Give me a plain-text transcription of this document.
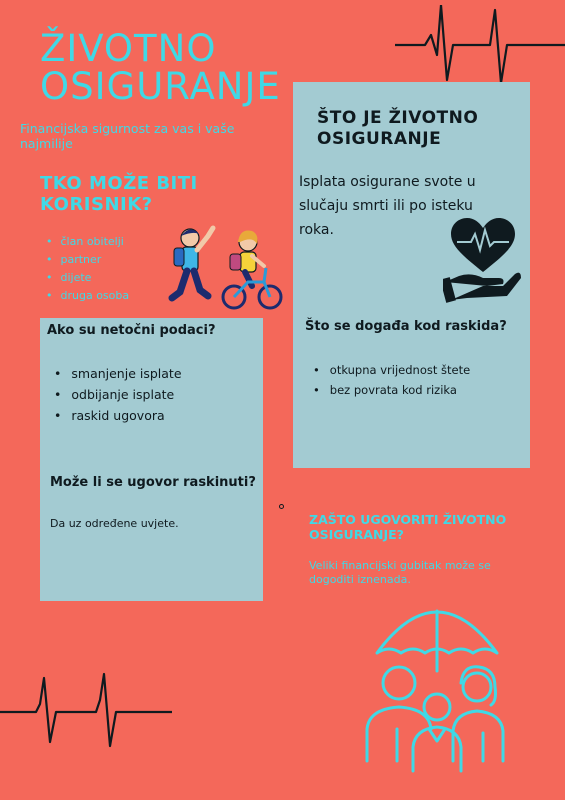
ŽIVOTNO
OSIGURANJE
Financijska sigurnost za vas i vaše najmilije
TKO MOŽE BITI KORISNIK?
• član obitelji
• partner
• dijete
• druga osoba
Ako su netočni podaci?
• smanjenje isplate
• odbijanje isplate
• raskid ugovora
Može li se ugovor raskinuti?
Da uz određene uvjete.
ŠTO JE ŽIVOTNO OSIGURANJE
Isplata osigurane svote u slučaju smrti ili po isteku roka.
Što se događa kod raskida?
• otkupna vrijednost štete
• bez povrata kod rizika
ZAŠTO UGOVORITI ŽIVOTNO OSIGURANJE?
Veliki financijski gubitak može se dogoditi iznenada.
